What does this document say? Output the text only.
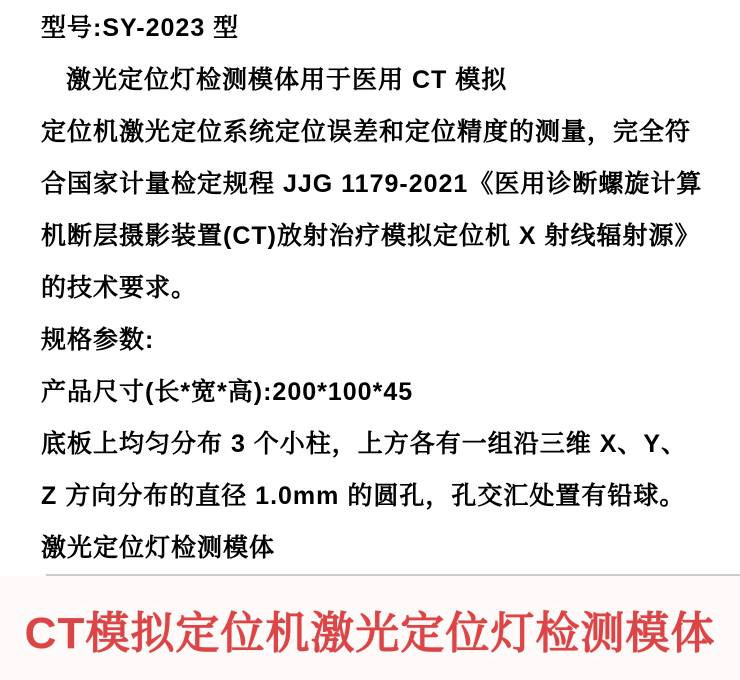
型号:SY-2023 型

激光定位灯检测模体用于医用 CT 模拟

定位机激光定位系统定位误差和定位精度的测量，完全符

合国家计量检定规程 JJG 1179-2021《医用诊断螺旋计算

机断层摄影装置(CT)放射治疗模拟定位机 X 射线辐射源》

的技术要求。

规格参数:

产品尺寸(长*宽*高):200*100*45

底板上均匀分布 3 个小柱，上方各有一组沿三维 X、Y、

Z 方向分布的直径 1.0mm 的圆孔，孔交汇处置有铅球。

激光定位灯检测模体

CT模拟定位机激光定位灯检测模体
